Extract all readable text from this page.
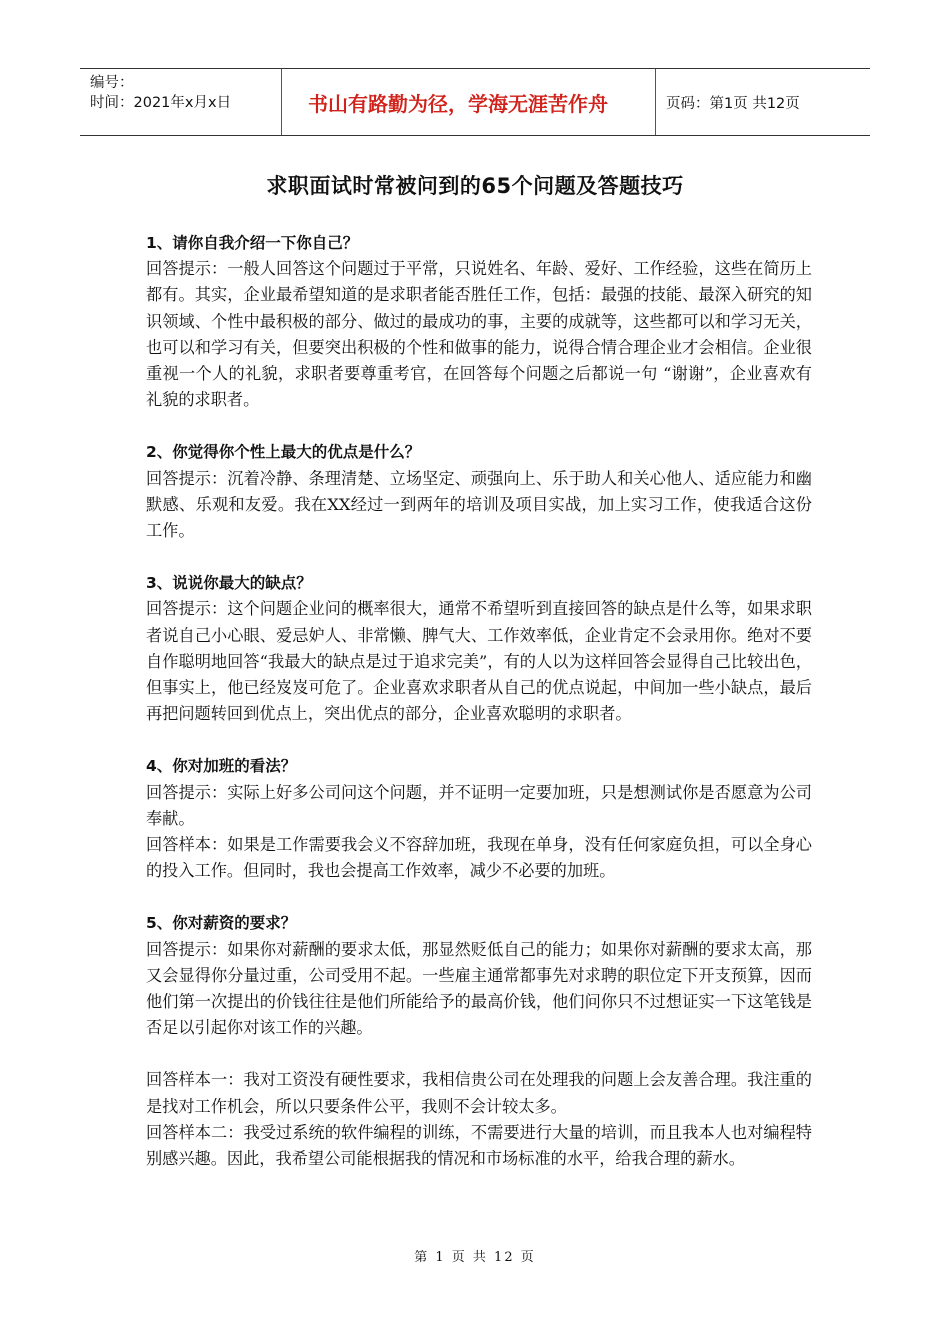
编号：
时间：2021年x月x日	书山有路勤为径，学海无涯苦作舟	页码：第1页 共12页
求职面试时常被问到的65个问题及答题技巧

1、请你自我介绍一下你自己？

回答提示：一般人回答这个问题过于平常，只说姓名、年龄、爱好、工作经验，这些在简历上都有。其实，企业最希望知道的是求职者能否胜任工作，包括：最强的技能、最深入研究的知识领域、个性中最积极的部分、做过的最成功的事，主要的成就等，这些都可以和学习无关，也可以和学习有关，但要突出积极的个性和做事的能力，说得合情合理企业才会相信。企业很重视一个人的礼貌，求职者要尊重考官，在回答每个问题之后都说一句 “谢谢”，企业喜欢有礼貌的求职者。

2、你觉得你个性上最大的优点是什么？

回答提示：沉着冷静、条理清楚、立场坚定、顽强向上、乐于助人和关心他人、适应能力和幽默感、乐观和友爱。我在XX经过一到两年的培训及项目实战，加上实习工作，使我适合这份工作。

3、说说你最大的缺点？

回答提示：这个问题企业问的概率很大，通常不希望听到直接回答的缺点是什么等，如果求职者说自己小心眼、爱忌妒人、非常懒、脾气大、工作效率低，企业肯定不会录用你。绝对不要自作聪明地回答“我最大的缺点是过于追求完美”，有的人以为这样回答会显得自己比较出色，但事实上，他已经岌岌可危了。企业喜欢求职者从自己的优点说起，中间加一些小缺点，最后再把问题转回到优点上，突出优点的部分，企业喜欢聪明的求职者。

4、你对加班的看法？

回答提示：实际上好多公司问这个问题，并不证明一定要加班，只是想测试你是否愿意为公司奉献。

回答样本：如果是工作需要我会义不容辞加班，我现在单身，没有任何家庭负担，可以全身心的投入工作。但同时，我也会提高工作效率，减少不必要的加班。

5、你对薪资的要求？

回答提示：如果你对薪酬的要求太低，那显然贬低自己的能力；如果你对薪酬的要求太高，那又会显得你分量过重，公司受用不起。一些雇主通常都事先对求聘的职位定下开支预算，因而他们第一次提出的价钱往往是他们所能给予的最高价钱，他们问你只不过想证实一下这笔钱是否足以引起你对该工作的兴趣。

回答样本一：我对工资没有硬性要求，我相信贵公司在处理我的问题上会友善合理。我注重的是找对工作机会，所以只要条件公平，我则不会计较太多。

回答样本二：我受过系统的软件编程的训练，不需要进行大量的培训，而且我本人也对编程特别感兴趣。因此，我希望公司能根据我的情况和市场标准的水平，给我合理的薪水。

第 1 页 共 12 页
